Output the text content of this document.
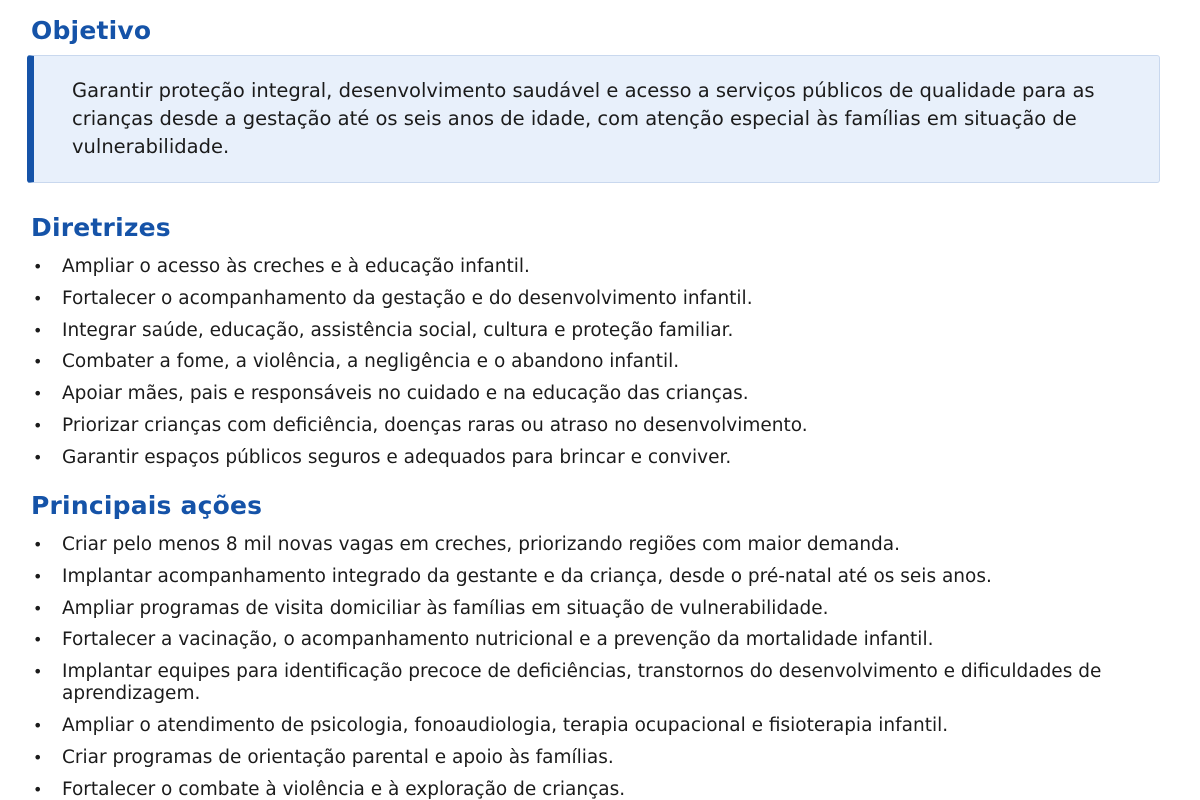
Objetivo

Garantir proteção integral, desenvolvimento saudável e acesso a serviços públicos de qualidade para as crianças desde a gestação até os seis anos de idade, com atenção especial às famílias em situação de vulnerabilidade.

Diretrizes
• Ampliar o acesso às creches e à educação infantil.
• Fortalecer o acompanhamento da gestação e do desenvolvimento infantil.
• Integrar saúde, educação, assistência social, cultura e proteção familiar.
• Combater a fome, a violência, a negligência e o abandono infantil.
• Apoiar mães, pais e responsáveis no cuidado e na educação das crianças.
• Priorizar crianças com deficiência, doenças raras ou atraso no desenvolvimento.
• Garantir espaços públicos seguros e adequados para brincar e conviver.
Principais ações
• Criar pelo menos 8 mil novas vagas em creches, priorizando regiões com maior demanda.
• Implantar acompanhamento integrado da gestante e da criança, desde o pré-natal até os seis anos.
• Ampliar programas de visita domiciliar às famílias em situação de vulnerabilidade.
• Fortalecer a vacinação, o acompanhamento nutricional e a prevenção da mortalidade infantil.
• Implantar equipes para identificação precoce de deficiências, transtornos do desenvolvimento e dificuldades de aprendizagem.
• Ampliar o atendimento de psicologia, fonoaudiologia, terapia ocupacional e fisioterapia infantil.
• Criar programas de orientação parental e apoio às famílias.
• Fortalecer o combate à violência e à exploração de crianças.
